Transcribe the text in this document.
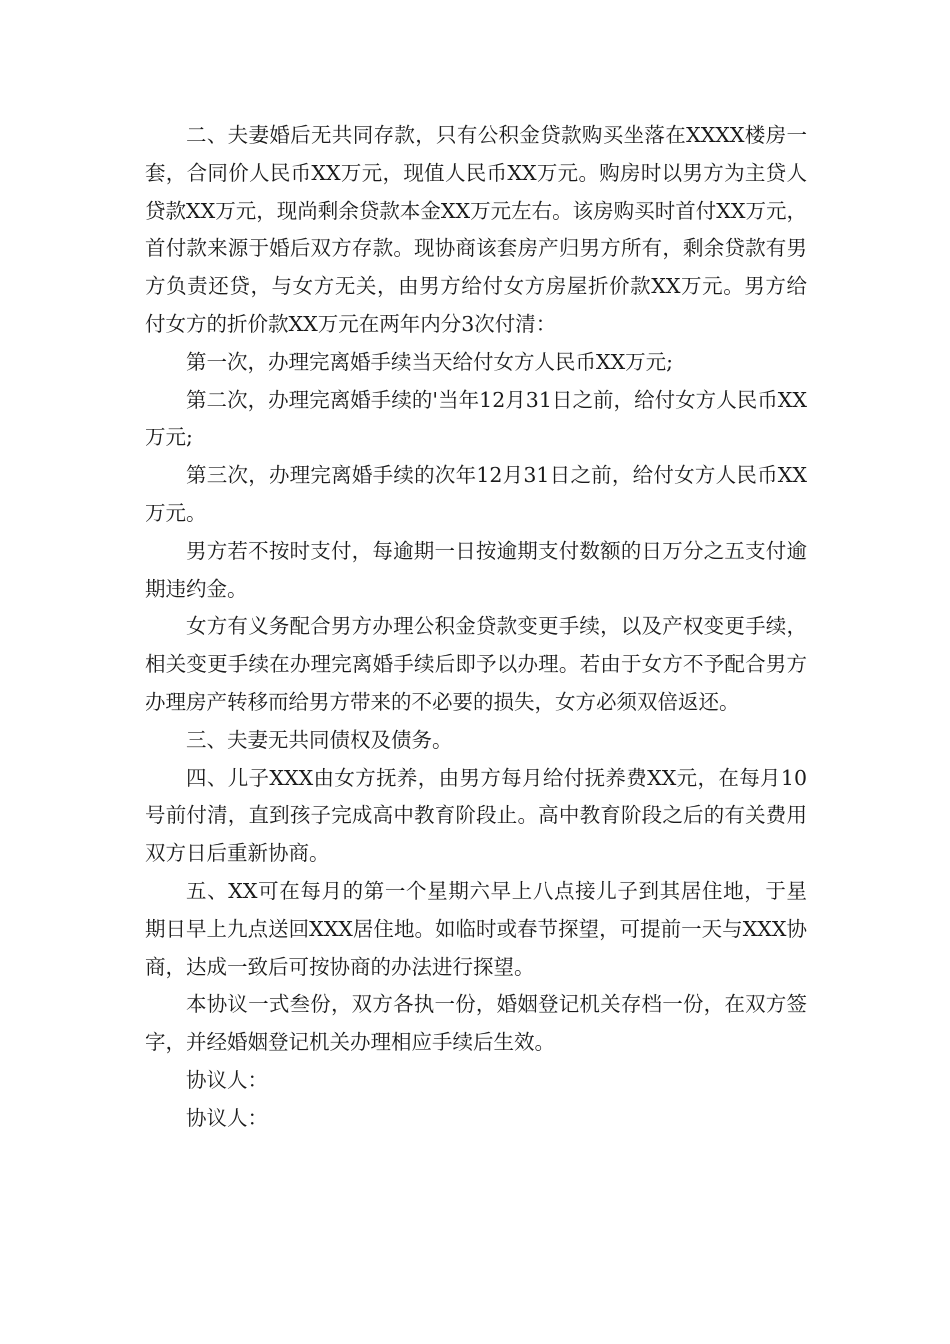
二、夫妻婚后无共同存款，只有公积金贷款购买坐落在XXXX楼房一套，合同价人民币XX万元，现值人民币XX万元。购房时以男方为主贷人贷款XX万元，现尚剩余贷款本金XX万元左右。该房购买时首付XX万元，首付款来源于婚后双方存款。现协商该套房产归男方所有，剩余贷款有男方负责还贷，与女方无关，由男方给付女方房屋折价款XX万元。男方给付女方的折价款XX万元在两年内分3次付清：

第一次，办理完离婚手续当天给付女方人民币XX万元;

第二次，办理完离婚手续的'当年12月31日之前，给付女方人民币XX万元;

第三次，办理完离婚手续的次年12月31日之前，给付女方人民币XX万元。

男方若不按时支付，每逾期一日按逾期支付数额的日万分之五支付逾期违约金。

女方有义务配合男方办理公积金贷款变更手续，以及产权变更手续，相关变更手续在办理完离婚手续后即予以办理。若由于女方不予配合男方办理房产转移而给男方带来的不必要的损失，女方必须双倍返还。

三、夫妻无共同债权及债务。

四、儿子XXX由女方抚养，由男方每月给付抚养费XX元，在每月10号前付清，直到孩子完成高中教育阶段止。高中教育阶段之后的有关费用双方日后重新协商。

五、XX可在每月的第一个星期六早上八点接儿子到其居住地，于星期日早上九点送回XXX居住地。如临时或春节探望，可提前一天与XXX协商，达成一致后可按协商的办法进行探望。

本协议一式叁份，双方各执一份，婚姻登记机关存档一份，在双方签字，并经婚姻登记机关办理相应手续后生效。

协议人：

协议人：
